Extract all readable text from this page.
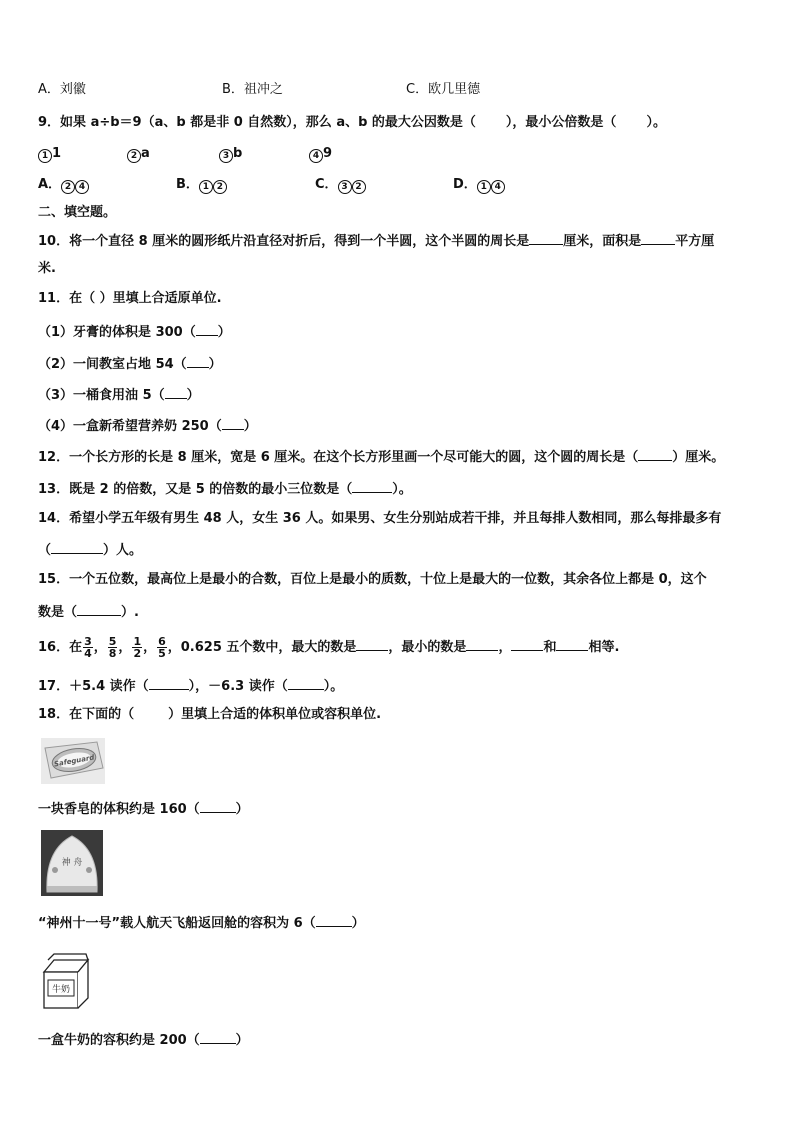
A．刘徽	B．祖冲之	C．欧几里德
9．如果 a÷b＝9（a、b 都是非 0 自然数），那么 a、b 的最大公因数是（ ），最小公倍数是（ ）。
1 1	2 a	3 b	4 9
A． 2 4	B． 1 2	C． 3 2	D． 1 4
二、填空题。
10．将一个直径 8 厘米的圆形纸片沿直径对折后，得到一个半圆，这个半圆的周长是	厘米，面积是	平方厘
米.
11．在（ ）里填上合适原单位.
（1）牙膏的体积是 300（ ）
（2）一间教室占地 54（ ）
（3）一桶食用油 5（ ）
（4）一盒新希望营养奶 250（ ）
12．一个长方形的长是 8 厘米，宽是 6 厘米。在这个长方形里画一个尽可能大的圆，这个圆的周长是（	）厘米。
13．既是 2 的倍数，又是 5 的倍数的最小三位数是（	）。
14．希望小学五年级有男生 48 人，女生 36 人。如果男、女生分别站成若干排，并且每排人数相同，那么每排最多有
（	）人。
15．一个五位数，最高位上是最小的合数，百位上是最小的质数，十位上是最大的一位数，其余各位上都是 0，这个
数是（	）.
16．在 $\frac{3}{4}$ ， $\frac{5}{8}$ ， $\frac{1}{2}$ ， $\frac{6}{5}$ ，0.625 五个数中，最大的数是 ，最小的数是 ， 和 相等.
17．＋5.4 读作（	），－6.3 读作（	）。
18．在下面的（	）里填上合适的体积单位或容积单位.
Safeguard
一块香皂的体积约是 160（	）
神 舟
“神州十一号”载人航天飞船返回舱的容积为 6（	）
牛奶
一盒牛奶的容积约是 200（	）
